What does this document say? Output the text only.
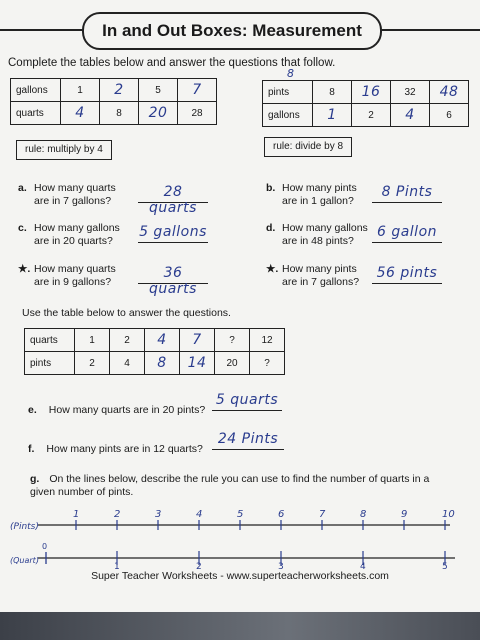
In and Out Boxes: Measurement
Complete the tables below and answer the questions that follow.
gallons	1	2	5	7
quarts	4	8	20	28
rule: multiply by 4
8
pints	8	16	32	48
gallons	1	2	4	6
rule: divide by 8
a. How many quarts
are in 7 gallons?
28 quarts
c. How many gallons
are in 20 quarts?
5 gallons
★. How many quarts
are in 9 gallons?
36 quarts
b. How many pints
are in 1 gallon?
8 Pints
d. How many gallons
are in 48 pints?
6 gallon
★. How many pints
are in 7 gallons?
56 pints
Use the table below to answer the questions.
quarts	1	2	4	7	?	12
pints	2	4	8	14	20	?
e. How many quarts are in 20 pints?
5 quarts
f. How many pints are in 12 quarts?
24 Pints
g. On the lines below, describe the rule you can use to find the number of quarts in a given number of pints.
(Pints)
(Quart)
0
1	2	3	4	5	6	7	8	9	10
1	2	3	4	5
Super Teacher Worksheets - www.superteacherworksheets.com
